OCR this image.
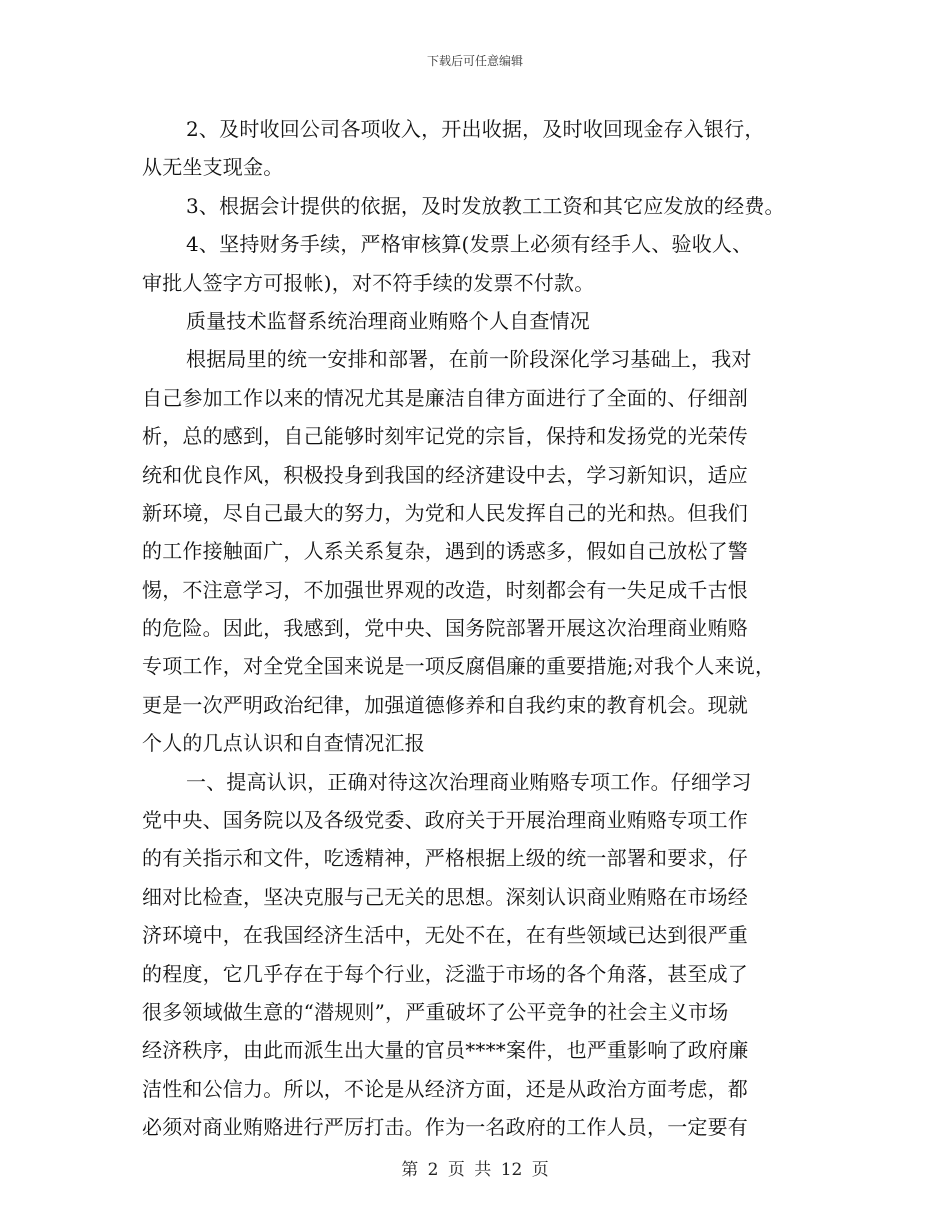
下载后可任意编辑
2、及时收回公司各项收入，开出收据，及时收回现金存入银行，
从无坐支现金。
3、根据会计提供的依据，及时发放教工工资和其它应发放的经费。
4、坚持财务手续，严格审核算(发票上必须有经手人、验收人、
审批人签字方可报帐)，对不符手续的发票不付款。
质量技术监督系统治理商业贿赂个人自查情况
根据局里的统一安排和部署，在前一阶段深化学习基础上，我对
自己参加工作以来的情况尤其是廉洁自律方面进行了全面的、仔细剖
析，总的感到，自己能够时刻牢记党的宗旨，保持和发扬党的光荣传
统和优良作风，积极投身到我国的经济建设中去，学习新知识，适应
新环境，尽自己最大的努力，为党和人民发挥自己的光和热。但我们
的工作接触面广，人系关系复杂，遇到的诱惑多，假如自己放松了警
惕，不注意学习，不加强世界观的改造，时刻都会有一失足成千古恨
的危险。因此，我感到，党中央、国务院部署开展这次治理商业贿赂
专项工作，对全党全国来说是一项反腐倡廉的重要措施;对我个人来说，
更是一次严明政治纪律，加强道德修养和自我约束的教育机会。现就
个人的几点认识和自查情况汇报
一、提高认识，正确对待这次治理商业贿赂专项工作。仔细学习
党中央、国务院以及各级党委、政府关于开展治理商业贿赂专项工作
的有关指示和文件，吃透精神，严格根据上级的统一部署和要求，仔
细对比检查，坚决克服与己无关的思想。深刻认识商业贿赂在市场经
济环境中，在我国经济生活中，无处不在，在有些领域已达到很严重
的程度，它几乎存在于每个行业，泛滥于市场的各个角落，甚至成了
很多领域做生意的“潜规则”，严重破坏了公平竞争的社会主义市场
经济秩序，由此而派生出大量的官员****案件，也严重影响了政府廉
洁性和公信力。所以，不论是从经济方面，还是从政治方面考虑，都
必须对商业贿赂进行严厉打击。作为一名政府的工作人员，一定要有
第 2 页 共 12 页
